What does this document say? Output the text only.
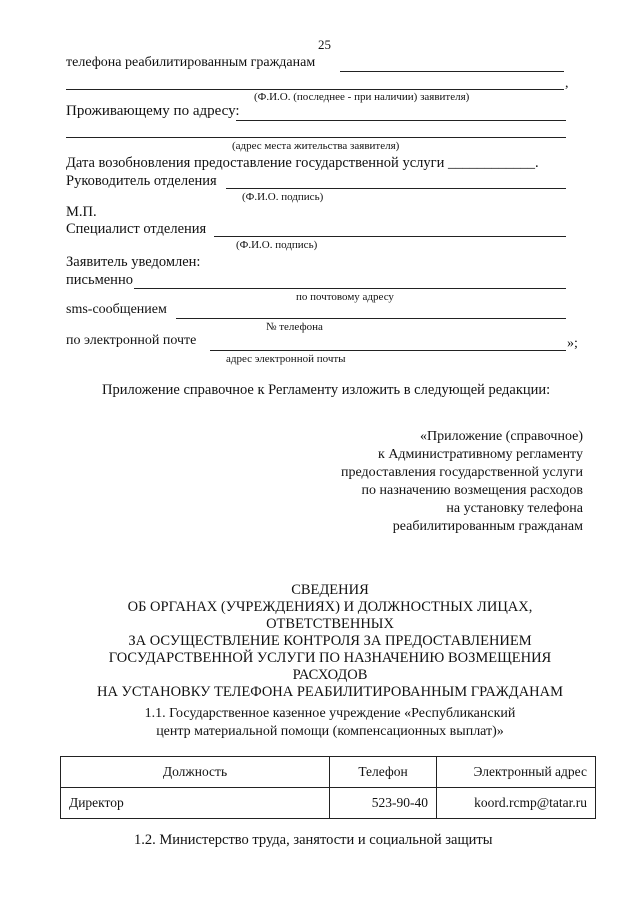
25
телефона реабилитированным гражданам
,
(Ф.И.О. (последнее - при наличии) заявителя)
Проживающему по адресу:
(адрес места жительства заявителя)
Дата возобновления предоставление государственной услуги ____________.
Руководитель отделения
(Ф.И.О. подпись)
М.П.
Специалист отделения
(Ф.И.О. подпись)
Заявитель уведомлен:
письменно
по почтовому адресу
sms-сообщением
№ телефона
по электронной почте	»;
адрес электронной почты
Приложение справочное к Регламенту изложить в следующей редакции:
«Приложение (справочное)
к Административному регламенту
предоставления государственной услуги
по назначению возмещения расходов
на установку телефона
реабилитированным гражданам
СВЕДЕНИЯ
ОБ ОРГАНАХ (УЧРЕЖДЕНИЯХ) И ДОЛЖНОСТНЫХ ЛИЦАХ,
ОТВЕТСТВЕННЫХ
ЗА ОСУЩЕСТВЛЕНИЕ КОНТРОЛЯ ЗА ПРЕДОСТАВЛЕНИЕМ
ГОСУДАРСТВЕННОЙ УСЛУГИ ПО НАЗНАЧЕНИЮ ВОЗМЕЩЕНИЯ
РАСХОДОВ
НА УСТАНОВКУ ТЕЛЕФОНА РЕАБИЛИТИРОВАННЫМ ГРАЖДАНАМ
1.1. Государственное казенное учреждение «Республиканский
центр материальной помощи (компенсационных выплат)»
Должность	Телефон	Электронный адрес
Директор	523-90-40	koord.rcmp@tatar.ru
1.2. Министерство труда, занятости и социальной защиты
